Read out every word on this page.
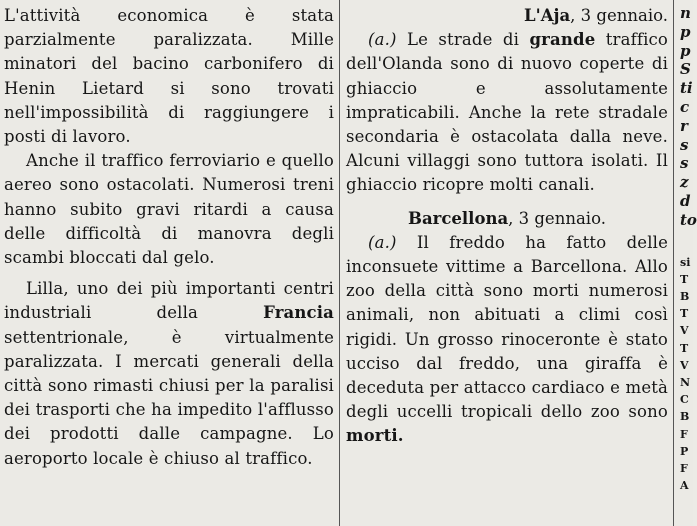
L'attività economica è stata parzialmente paralizzata. Mille minatori del bacino carbonifero di Henin Lietard si sono trovati nell'impossibilità di raggiungere i posti di lavoro.

Anche il traffico ferroviario e quello aereo sono ostacolati. Numerosi treni hanno subito gravi ritardi a causa delle difficoltà di manovra degli scambi bloccati dal gelo.

Lilla, uno dei più importanti centri industriali della Francia settentrionale, è virtualmente paralizzata. I mercati generali della città sono rimasti chiusi per la paralisi dei trasporti che ha impedito l'afflusso dei prodotti dalle campagne. Lo aeroporto locale è chiuso al traffico.

L'Aja, 3 gennaio.

(a.) Le strade di grande traffico dell'Olanda sono di nuovo coperte di ghiaccio e assolutamente impraticabili. Anche la rete stradale secondaria è ostacolata dalla neve. Alcuni villaggi sono tuttora isolati. Il ghiaccio ricopre molti canali.

Barcellona, 3 gennaio.

(a.) Il freddo ha fatto delle inconsuete vittime a Barcellona. Allo zoo della città sono morti numerosi animali, non abituati a climi così rigidi. Un grosso rinoceronte è stato ucciso dal freddo, una giraffa è deceduta per attacco cardiaco e metà degli uccelli tropicali dello zoo sono morti.

n
p
p
S
ti
c
r
s
s
z
d
to
si
T
B
T
V
T
V
N
C
B
F
P
F
A
